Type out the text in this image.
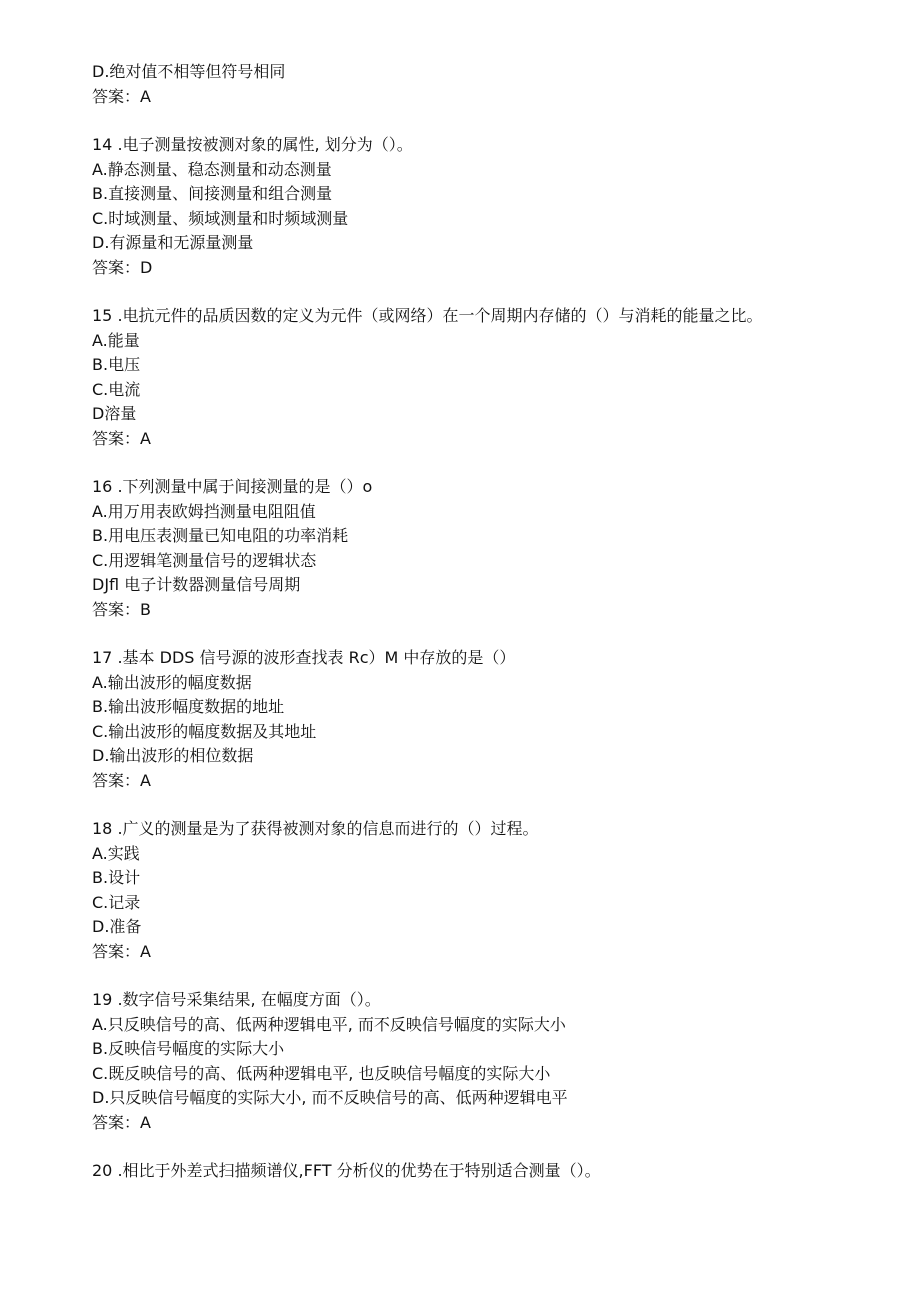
D.绝对值不相等但符号相同

答案：A

14 .电子测量按被测对象的属性, 划分为（）。

A.静态测量、稳态测量和动态测量

B.直接测量、间接测量和组合测量

C.时域测量、频域测量和时频域测量

D.有源量和无源量测量

答案：D

15 .电抗元件的品质因数的定义为元件（或网络）在一个周期内存储的（）与消耗的能量之比。

A.能量

B.电压

C.电流

D溶量

答案：A

16 .下列测量中属于间接测量的是（）o

A.用万用表欧姆挡测量电阻阻值

B.用电压表测量已知电阻的功率消耗

C.用逻辑笔测量信号的逻辑状态

DJfl 电子计数器测量信号周期

答案：B

17 .基本 DDS 信号源的波形查找表 Rc）M 中存放的是（）

A.输出波形的幅度数据

B.输出波形幅度数据的地址

C.输出波形的幅度数据及其地址

D.输出波形的相位数据

答案：A

18 .广义的测量是为了获得被测对象的信息而进行的（）过程。

A.实践

B.设计

C.记录

D.准备

答案：A

19 .数字信号采集结果, 在幅度方面（）。

A.只反映信号的高、低两种逻辑电平, 而不反映信号幅度的实际大小

B.反映信号幅度的实际大小

C.既反映信号的高、低两种逻辑电平, 也反映信号幅度的实际大小

D.只反映信号幅度的实际大小, 而不反映信号的高、低两种逻辑电平

答案：A

20 .相比于外差式扫描频谱仪,FFT 分析仪的优势在于特别适合测量（）。
